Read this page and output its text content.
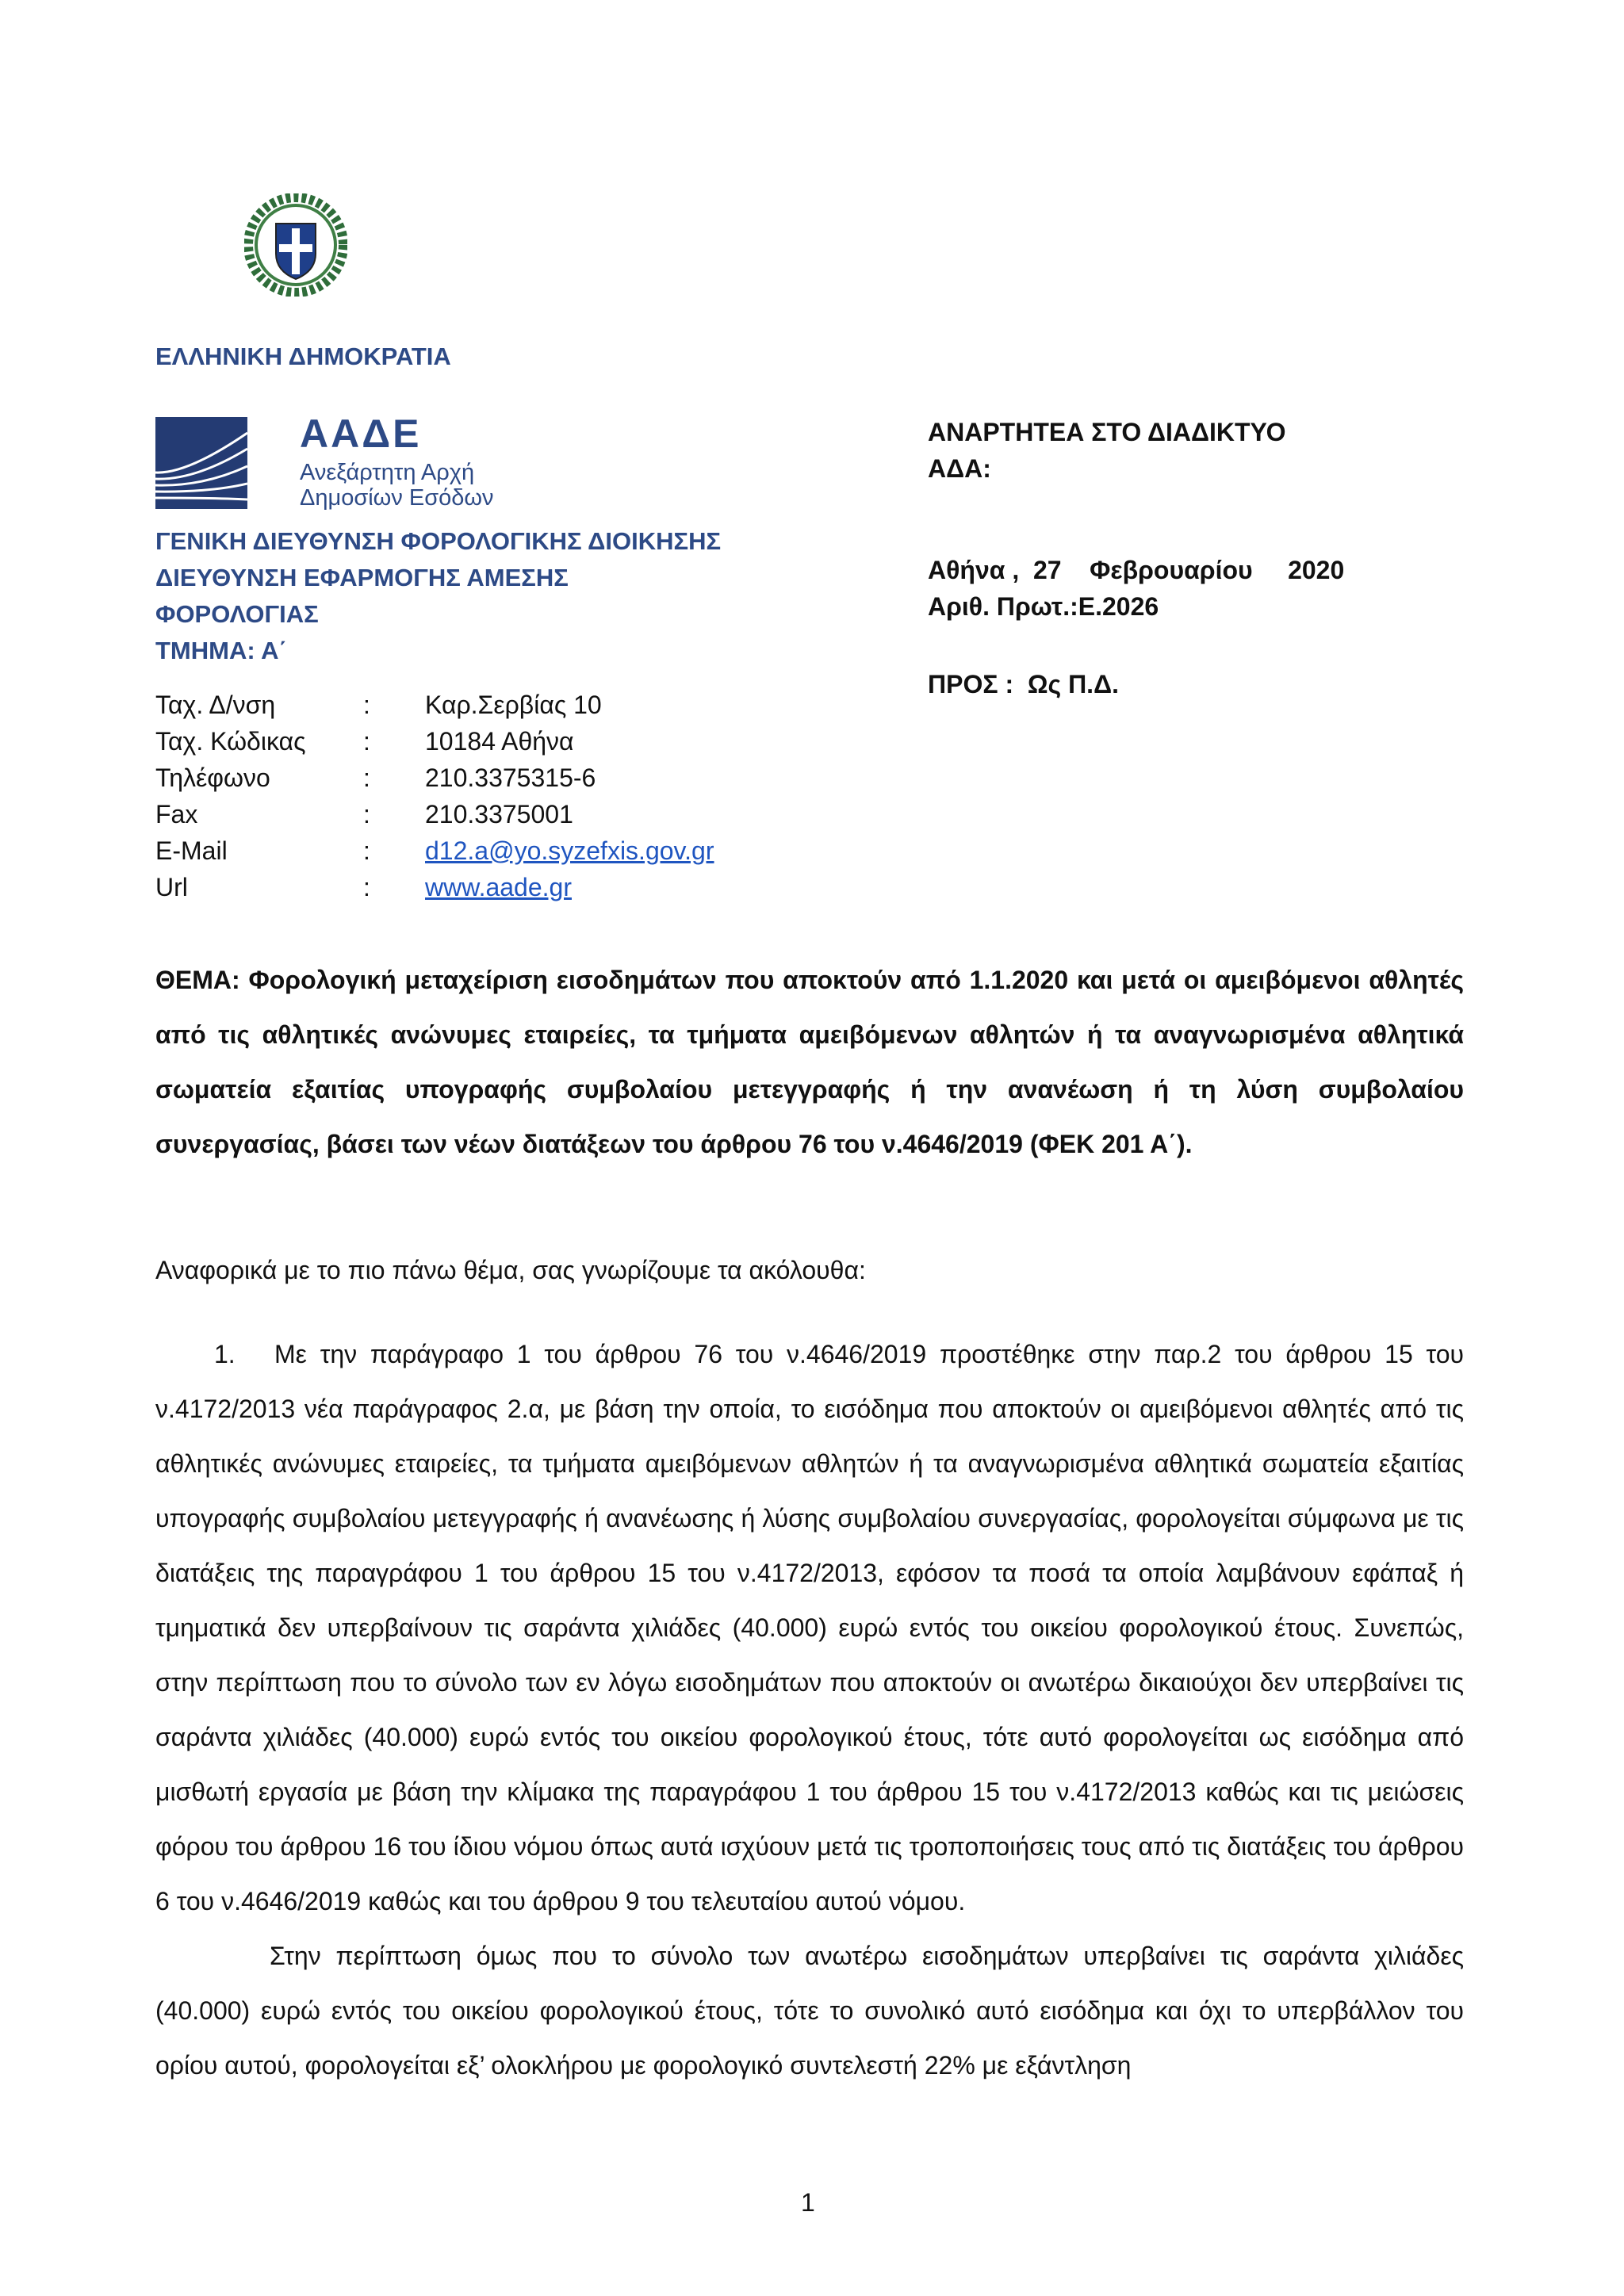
ΕΛΛΗΝΙΚΗ ΔΗΜΟΚΡΑΤΙΑ
ΑΑΔΕ
Ανεξάρτητη Αρχή
Δημοσίων Εσόδων
ΓΕΝΙΚΗ ΔΙΕΥΘΥΝΣΗ ΦΟΡΟΛΟΓΙΚΗΣ ΔΙΟΙΚΗΣΗΣ
ΔΙΕΥΘΥΝΣΗ ΕΦΑΡΜΟΓΗΣ ΑΜΕΣΗΣ
ΦΟΡΟΛΟΓΙΑΣ
ΤΜΗΜΑ: Α΄
Ταχ. Δ/νση	: Καρ.Σερβίας 10
Ταχ. Κώδικας : 10184 Αθήνα
Τηλέφωνο	: 210.3375315-6
Fax	: 210.3375001
E-Mail	: d12.a@yo.syzefxis.gov.gr
Url	: www.aade.gr
ΑΝΑΡΤΗΤΕΑ ΣΤΟ ΔΙΑΔΙΚΤΥΟ
ΑΔΑ:
Αθήνα ,  27    Φεβρουαρίου     2020
Αριθ. Πρωτ.:Ε.2026
ΠΡΟΣ :  Ως Π.Δ.
ΘΕΜΑ: Φορολογική μεταχείριση εισοδημάτων που αποκτούν από 1.1.2020 και μετά οι αμειβόμενοι αθλητές από τις αθλητικές ανώνυμες εταιρείες, τα τμήματα αμειβόμενων αθλητών ή τα αναγνωρισμένα αθλητικά σωματεία εξαιτίας υπογραφής συμβολαίου μετεγγραφής ή την ανανέωση ή τη λύση συμβολαίου συνεργασίας, βάσει των νέων διατάξεων του άρθρου 76 του ν.4646/2019 (ΦΕΚ 201 Α΄).
Αναφορικά με το πιο πάνω θέμα, σας γνωρίζουμε τα ακόλουθα:

1. Με την παράγραφο 1 του άρθρου 76 του ν.4646/2019 προστέθηκε στην παρ.2 του άρθρου 15 του ν.4172/2013 νέα παράγραφος 2.α, με βάση την οποία, το εισόδημα που αποκτούν οι αμειβόμενοι αθλητές από τις αθλητικές ανώνυμες εταιρείες, τα τμήματα αμειβόμενων αθλητών ή τα αναγνωρισμένα αθλητικά σωματεία εξαιτίας υπογραφής συμβολαίου μετεγγραφής ή ανανέωσης ή λύσης συμβολαίου συνεργασίας, φορολογείται σύμφωνα με τις διατάξεις της παραγράφου 1 του άρθρου 15 του ν.4172/2013, εφόσον τα ποσά τα οποία λαμβάνουν εφάπαξ ή τμηματικά δεν υπερβαίνουν τις σαράντα χιλιάδες (40.000) ευρώ εντός του οικείου φορολογικού έτους. Συνεπώς, στην περίπτωση που το σύνολο των εν λόγω εισοδημάτων που αποκτούν οι ανωτέρω δικαιούχοι δεν υπερβαίνει τις σαράντα χιλιάδες (40.000) ευρώ εντός του οικείου φορολογικού έτους, τότε αυτό φορολογείται ως εισόδημα από μισθωτή εργασία με βάση την κλίμακα της παραγράφου 1 του άρθρου 15 του ν.4172/2013 καθώς και τις μειώσεις φόρου του άρθρου 16 του ίδιου νόμου όπως αυτά ισχύουν μετά τις τροποποιήσεις τους από τις διατάξεις του άρθρου 6 του ν.4646/2019 καθώς και του άρθρου 9 του τελευταίου αυτού νόμου.

Στην περίπτωση όμως που το σύνολο των ανωτέρω εισοδημάτων υπερβαίνει τις σαράντα χιλιάδες (40.000) ευρώ εντός του οικείου φορολογικού έτους, τότε το συνολικό αυτό εισόδημα και όχι το υπερβάλλον του ορίου αυτού, φορολογείται εξ’ ολοκλήρου με φορολογικό συντελεστή 22% με εξάντληση

1
